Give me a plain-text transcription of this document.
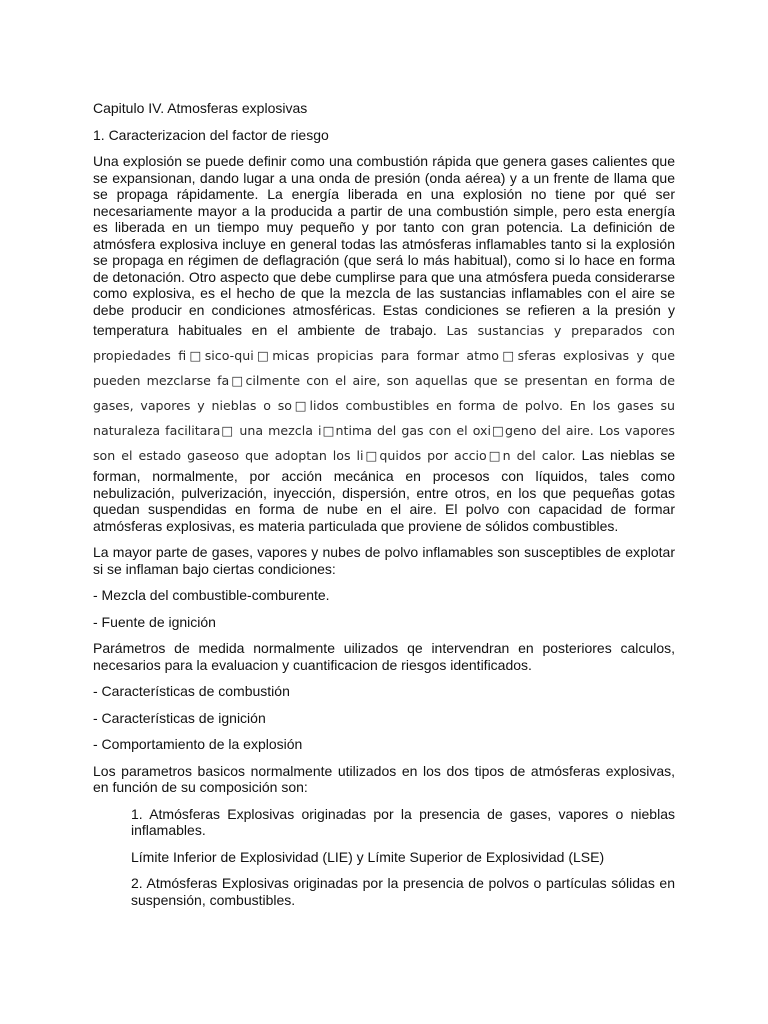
Capitulo IV. Atmosferas explosivas

1. Caracterizacion del factor de riesgo

Una explosión se puede definir como una combustión rápida que genera gases calientes que se expansionan, dando lugar a una onda de presión (onda aérea) y a un frente de llama que se propaga rápidamente. La energía liberada en una explosión no tiene por qué ser necesariamente mayor a la producida a partir de una combustión simple, pero esta energía es liberada en un tiempo muy pequeño y por tanto con gran potencia. La definición de atmósfera explosiva incluye en general todas las atmósferas inflamables tanto si la explosión se propaga en régimen de deflagración (que será lo más habitual), como si lo hace en forma de detonación. Otro aspecto que debe cumplirse para que una atmósfera pueda considerarse como explosiva, es el hecho de que la mezcla de las sustancias inflamables con el aire se debe producir en condiciones atmosféricas. Estas condiciones se refieren a la presión y temperatura habituales en el ambiente de trabajo. Las sustancias y preparados con propiedades fi□sico-qui□micas propicias para formar atmo□sferas explosivas y que pueden mezclarse fa□cilmente con el aire, son aquellas que se presentan en forma de gases, vapores y nieblas o so□lidos combustibles en forma de polvo. En los gases su naturaleza facilitara□ una mezcla i□ntima del gas con el oxi□geno del aire. Los vapores son el estado gaseoso que adoptan los li□quidos por accio□n del calor. Las nieblas se forman, normalmente, por acción mecánica en procesos con líquidos, tales como nebulización, pulverización, inyección, dispersión, entre otros, en los que pequeñas gotas quedan suspendidas en forma de nube en el aire. El polvo con capacidad de formar atmósferas explosivas, es materia particulada que proviene de sólidos combustibles.

La mayor parte de gases, vapores y nubes de polvo inflamables son susceptibles de explotar si se inflaman bajo ciertas condiciones:

- Mezcla del combustible-comburente.

- Fuente de ignición

Parámetros de medida normalmente uilizados qe intervendran en posteriores calculos, necesarios para la evaluacion y cuantificacion de riesgos identificados.

- Características de combustión

- Características de ignición

- Comportamiento de la explosión

Los parametros basicos normalmente utilizados en los dos tipos de atmósferas explosivas, en función de su composición son:

1. Atmósferas Explosivas originadas por la presencia de gases, vapores o nieblas inflamables.

Límite Inferior de Explosividad (LIE) y Límite Superior de Explosividad (LSE)

2. Atmósferas Explosivas originadas por la presencia de polvos o partículas sólidas en suspensión, combustibles.
